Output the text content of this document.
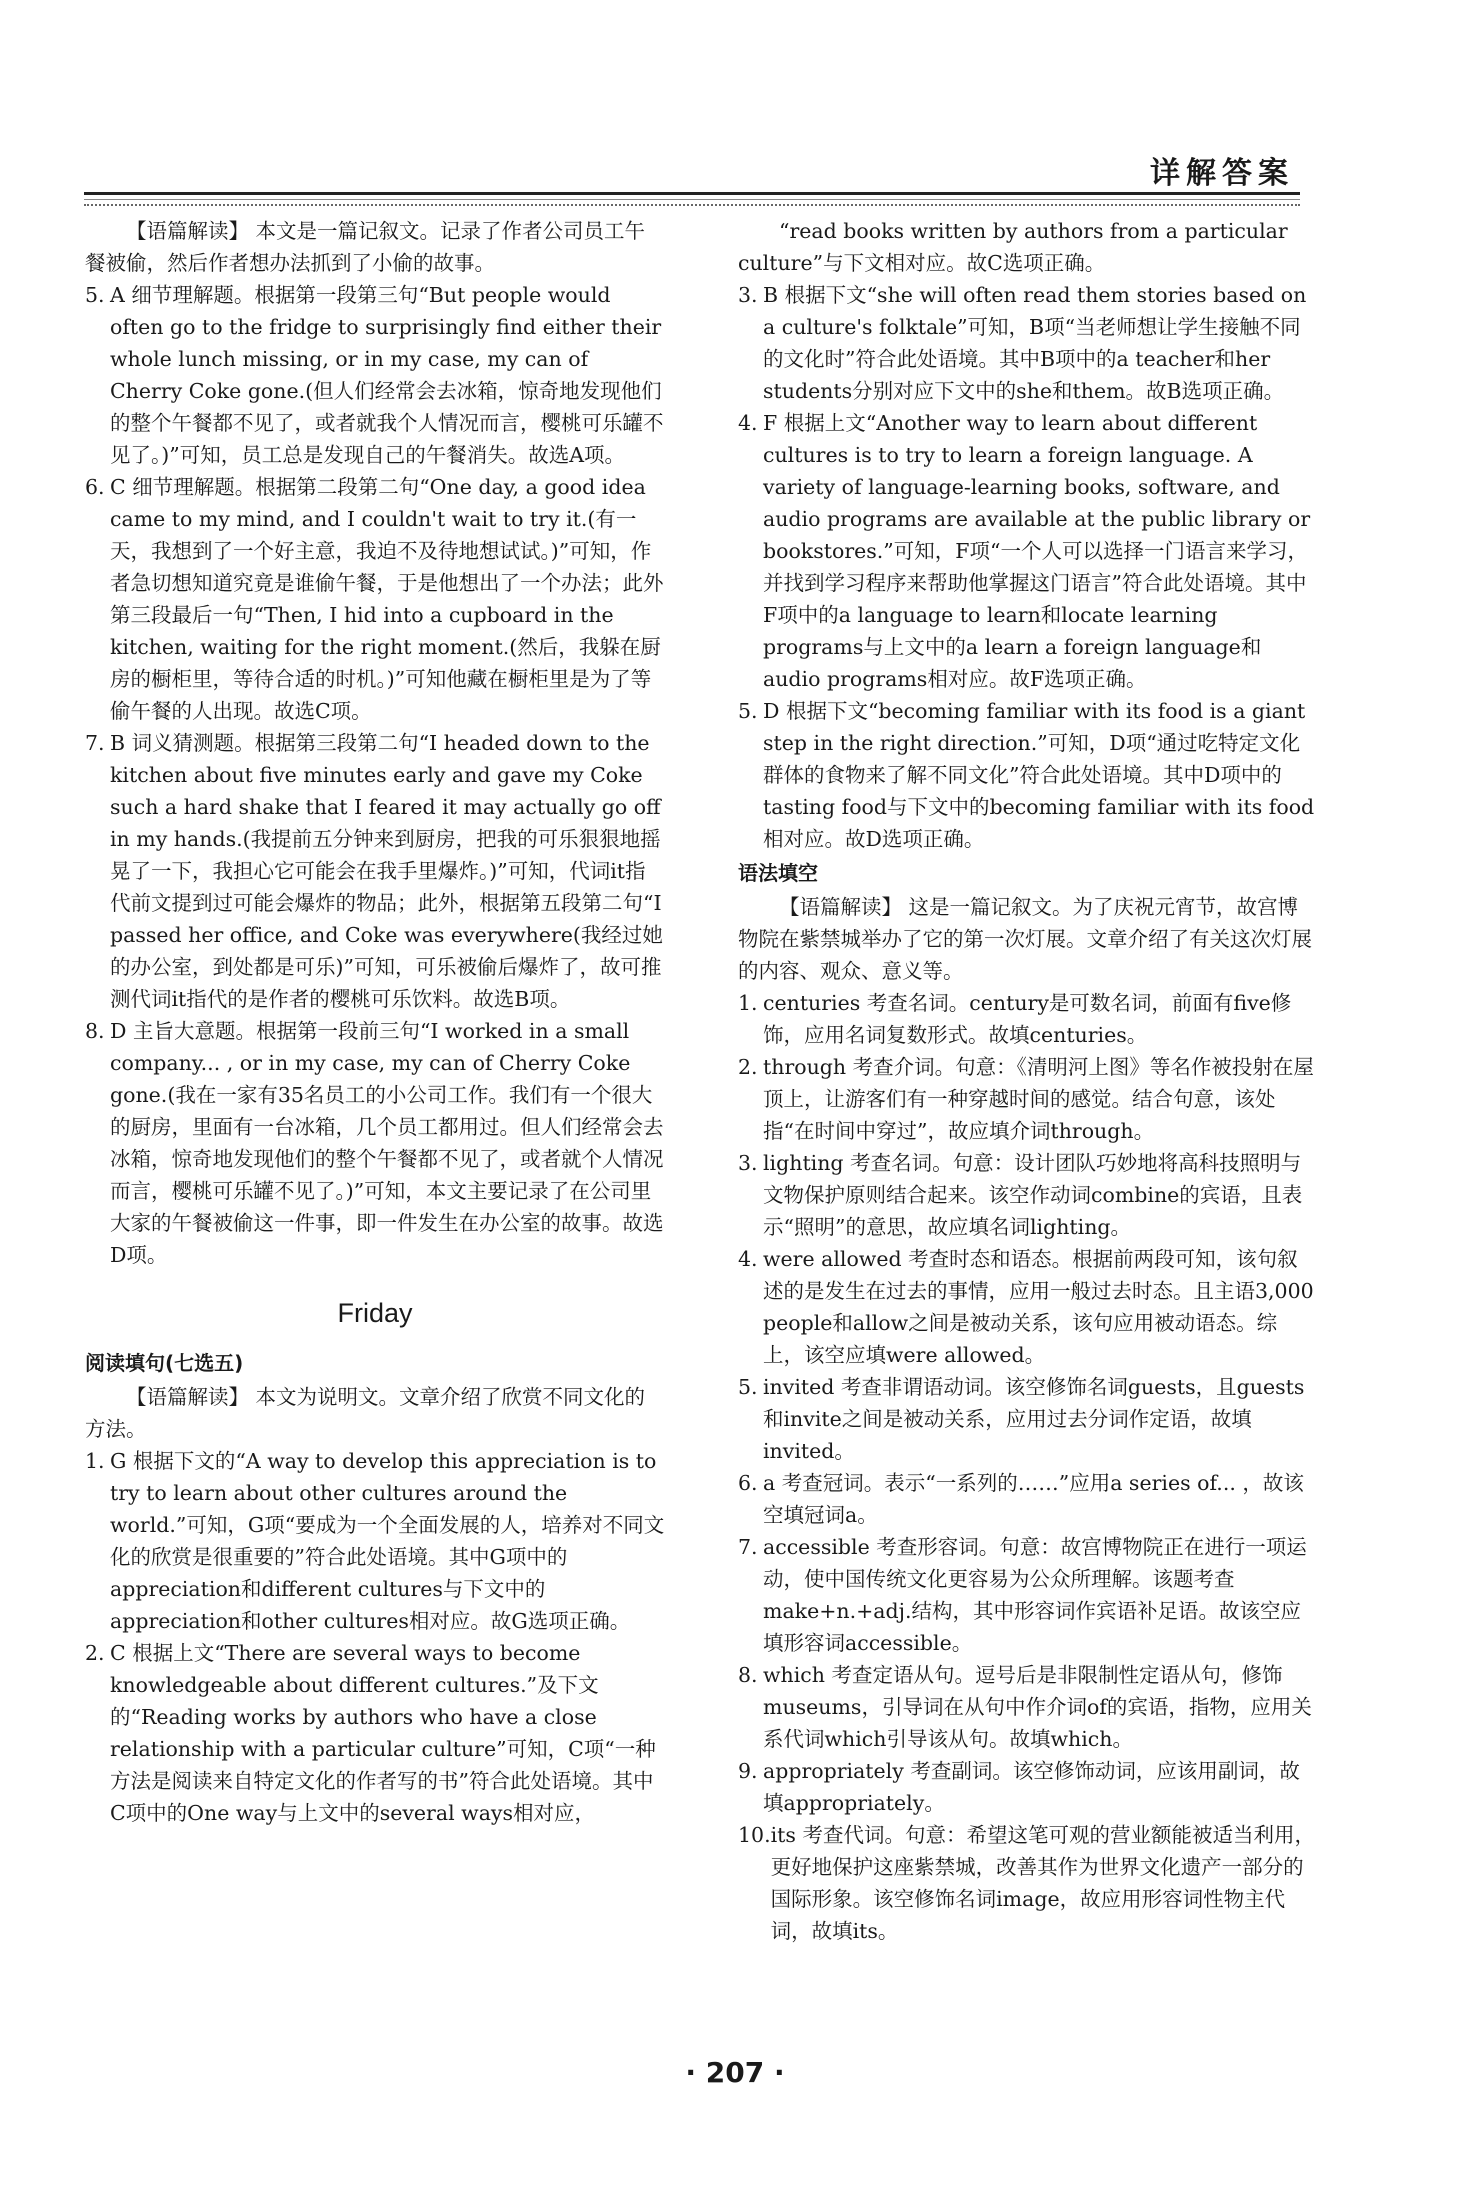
详解答案

【语篇解读】 本文是一篇记叙文。记录了作者公司员工午餐被偷，然后作者想办法抓到了小偷的故事。

5. A 细节理解题。根据第一段第三句“But people would often go to the fridge to surprisingly find either their whole lunch missing, or in my case, my can of Cherry Coke gone.(但人们经常会去冰箱，惊奇地发现他们的整个午餐都不见了，或者就我个人情况而言，樱桃可乐罐不见了。)”可知，员工总是发现自己的午餐消失。故选A项。
6. C 细节理解题。根据第二段第二句“One day, a good idea came to my mind, and I couldn't wait to try it.(有一天，我想到了一个好主意，我迫不及待地想试试。)”可知，作者急切想知道究竟是谁偷午餐，于是他想出了一个办法；此外第三段最后一句“Then, I hid into a cupboard in the kitchen, waiting for the right moment.(然后，我躲在厨房的橱柜里，等待合适的时机。)”可知他藏在橱柜里是为了等偷午餐的人出现。故选C项。
7. B 词义猜测题。根据第三段第二句“I headed down to the kitchen about five minutes early and gave my Coke such a hard shake that I feared it may actually go off in my hands.(我提前五分钟来到厨房，把我的可乐狠狠地摇晃了一下，我担心它可能会在我手里爆炸。)”可知，代词it指代前文提到过可能会爆炸的物品；此外，根据第五段第二句“I passed her office, and Coke was everywhere(我经过她的办公室，到处都是可乐)”可知，可乐被偷后爆炸了，故可推测代词it指代的是作者的樱桃可乐饮料。故选B项。
8. D 主旨大意题。根据第一段前三句“I worked in a small company... , or in my case, my can of Cherry Coke gone.(我在一家有35名员工的小公司工作。我们有一个很大的厨房，里面有一台冰箱，几个员工都用过。但人们经常会去冰箱，惊奇地发现他们的整个午餐都不见了，或者就个人情况而言，樱桃可乐罐不见了。)”可知，本文主要记录了在公司里大家的午餐被偷这一件事，即一件发生在办公室的故事。故选D项。
Friday
阅读填句(七选五)

【语篇解读】 本文为说明文。文章介绍了欣赏不同文化的方法。

1. G 根据下文的“A way to develop this appreciation is to try to learn about other cultures around the world.”可知，G项“要成为一个全面发展的人，培养对不同文化的欣赏是很重要的”符合此处语境。其中G项中的appreciation和different cultures与下文中的appreciation和other cultures相对应。故G选项正确。
2. C 根据上文“There are several ways to become knowledgeable about different cultures.”及下文的“Reading works by authors who have a close relationship with a particular culture”可知，C项“一种方法是阅读来自特定文化的作者写的书”符合此处语境。其中C项中的One way与上文中的several ways相对应，

“read books written by authors from a particular culture”与下文相对应。故C选项正确。

3. B 根据下文“she will often read them stories based on a culture's folktale”可知，B项“当老师想让学生接触不同的文化时”符合此处语境。其中B项中的a teacher和her students分别对应下文中的she和them。故B选项正确。
4. F 根据上文“Another way to learn about different cultures is to try to learn a foreign language. A variety of language-learning books, software, and audio programs are available at the public library or bookstores.”可知，F项“一个人可以选择一门语言来学习，并找到学习程序来帮助他掌握这门语言”符合此处语境。其中F项中的a language to learn和locate learning programs与上文中的a learn a foreign language和audio programs相对应。故F选项正确。
5. D 根据下文“becoming familiar with its food is a giant step in the right direction.”可知，D项“通过吃特定文化群体的食物来了解不同文化”符合此处语境。其中D项中的tasting food与下文中的becoming familiar with its food相对应。故D选项正确。
语法填空

【语篇解读】 这是一篇记叙文。为了庆祝元宵节，故宫博物院在紫禁城举办了它的第一次灯展。文章介绍了有关这次灯展的内容、观众、意义等。

1. centuries 考查名词。century是可数名词，前面有five修饰，应用名词复数形式。故填centuries。
2. through 考查介词。句意：《清明河上图》等名作被投射在屋顶上，让游客们有一种穿越时间的感觉。结合句意，该处指“在时间中穿过”，故应填介词through。
3. lighting 考查名词。句意：设计团队巧妙地将高科技照明与文物保护原则结合起来。该空作动词combine的宾语，且表示“照明”的意思，故应填名词lighting。
4. were allowed 考查时态和语态。根据前两段可知，该句叙述的是发生在过去的事情，应用一般过去时态。且主语3,000 people和allow之间是被动关系，该句应用被动语态。综上，该空应填were allowed。
5. invited 考查非谓语动词。该空修饰名词guests，且guests和invite之间是被动关系，应用过去分词作定语，故填invited。
6. a 考查冠词。表示“一系列的……”应用a series of... ，故该空填冠词a。
7. accessible 考查形容词。句意：故宫博物院正在进行一项运动，使中国传统文化更容易为公众所理解。该题考查make+n.+adj.结构，其中形容词作宾语补足语。故该空应填形容词accessible。
8. which 考查定语从句。逗号后是非限制性定语从句，修饰museums，引导词在从句中作介词of的宾语，指物，应用关系代词which引导该从句。故填which。
9. appropriately 考查副词。该空修饰动词，应该用副词，故填appropriately。
10. its 考查代词。句意：希望这笔可观的营业额能被适当利用，更好地保护这座紫禁城，改善其作为世界文化遗产一部分的国际形象。该空修饰名词image，故应用形容词性物主代词，故填its。
· 207 ·
